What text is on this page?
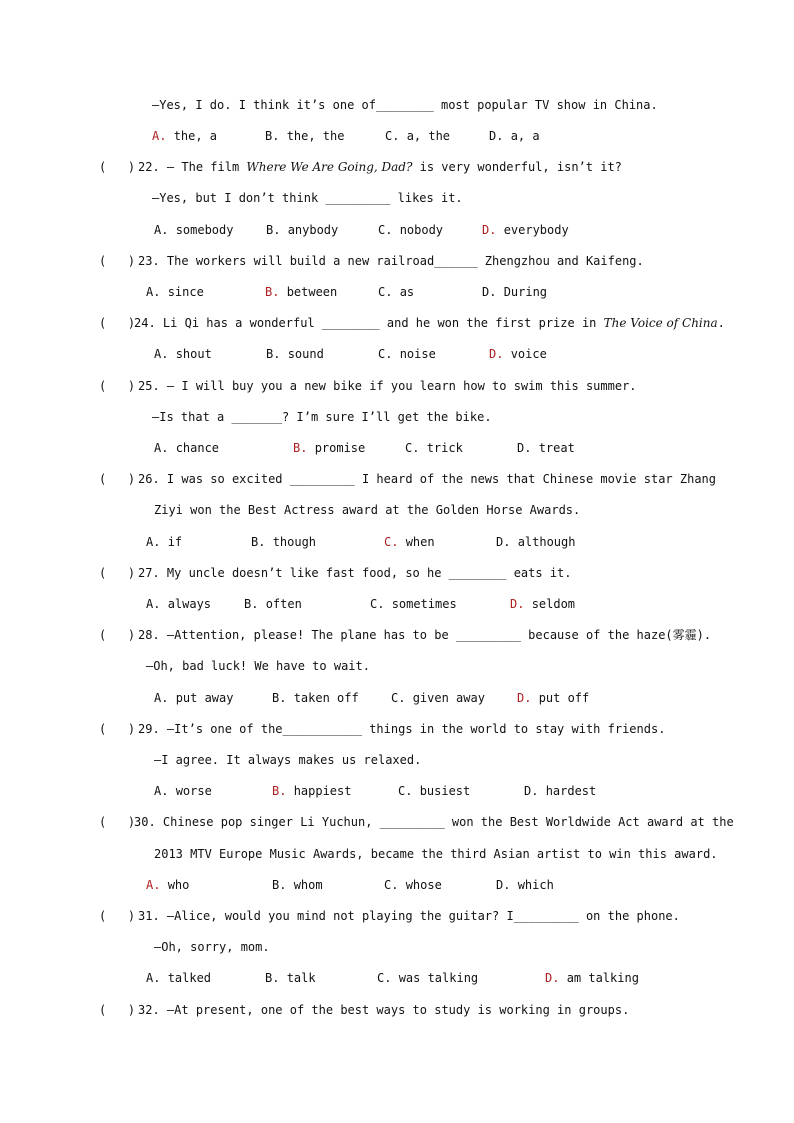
—Yes, I do. I think it’s one of________ most popular TV show in China.
A. the, a	B. the, the	C. a, the	D. a, a
(   ) 22. — The film Where We Are Going, Dad? is very wonderful, isn’t it?
—Yes, but I don’t think _________ likes it.
A. somebody	B. anybody	C. nobody	D. everybody
(   ) 23. The workers will build a new railroad______ Zhengzhou and Kaifeng.
A. since	B. between	C. as	D. During
(   )
24. Li Qi has a wonderful ________ and he won the first prize in The Voice of China.
A. shout	B. sound	C. noise	D. voice
(   ) 25. — I will buy you a new bike if you learn how to swim this summer.
—Is that a _______? I’m sure I’ll get the bike.
A. chance	B. promise	C. trick	D. treat
(   ) 26. I was so excited _________ I heard of the news that Chinese movie star Zhang
Ziyi won the Best Actress award at the Golden Horse Awards.
A. if	B. though	C. when	D. although
(   ) 27. My uncle doesn’t like fast food, so he ________ eats it.
A. always	B. often	C. sometimes	D. seldom
(   ) 28. —Attention, please! The plane has to be _________ because of the haze(雾霾).
—Oh, bad luck! We have to wait.
A. put away	B. taken off	C. given away	D. put off
(   ) 29. —It’s one of the___________ things in the world to stay with friends.
—I agree. It always makes us relaxed.
A. worse	B. happiest	C. busiest	D. hardest
(   )
30. Chinese pop singer Li Yuchun, _________ won the Best Worldwide Act award at the
2013 MTV Europe Music Awards, became the third Asian artist to win this award.
A. who	B. whom	C. whose	D. which
(   ) 31. —Alice, would you mind not playing the guitar? I_________ on the phone.
—Oh, sorry, mom.
A. talked	B. talk	C. was talking	D. am talking
(   ) 32. —At present, one of the best ways to study is working in groups.
